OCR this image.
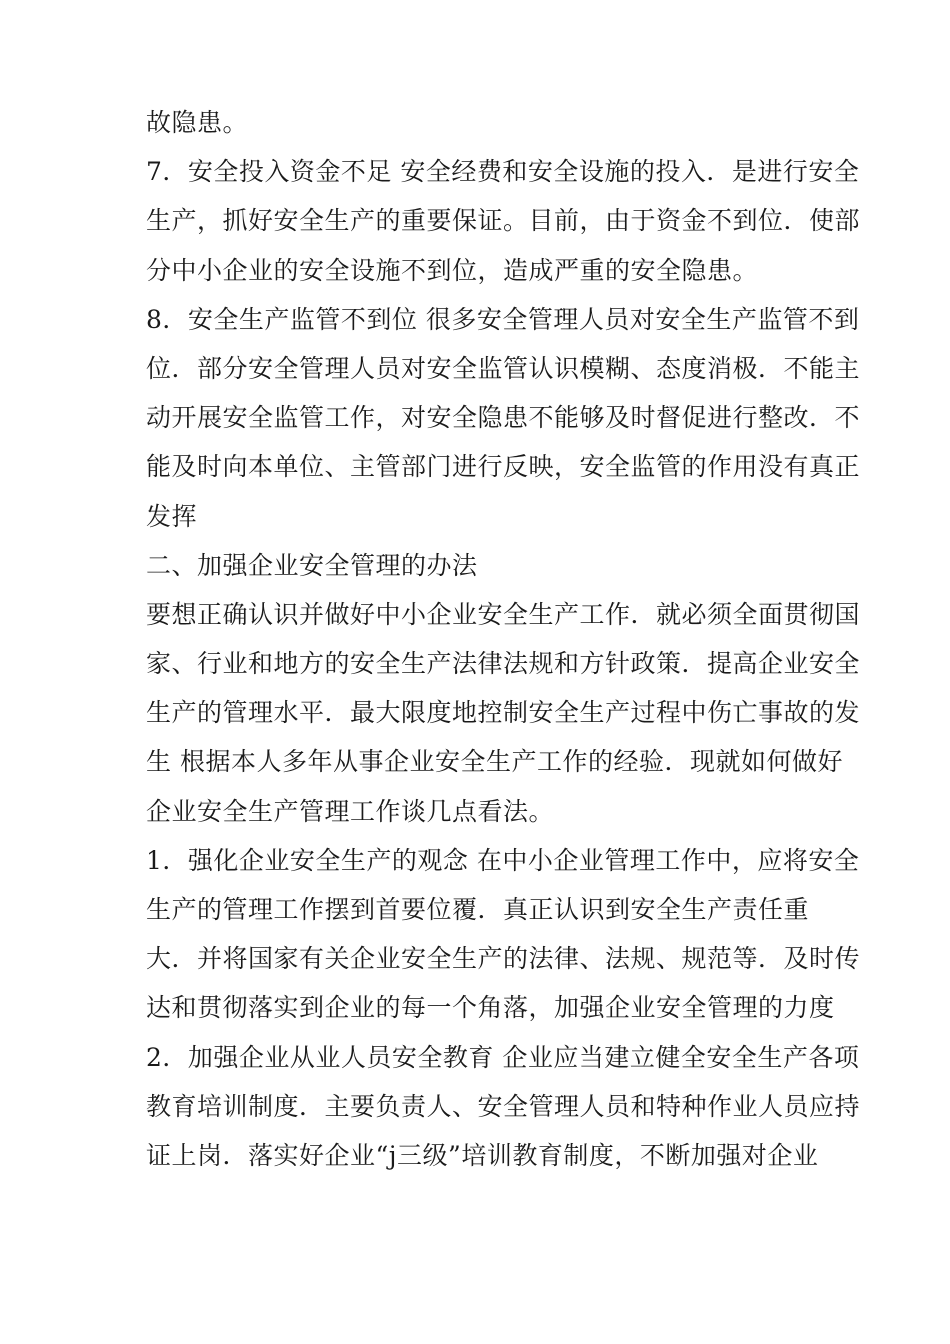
故隐患。
7．安全投入资金不足 安全经费和安全设施的投入．是进行安全
生产，抓好安全生产的重要保证。目前，由于资金不到位．使部
分中小企业的安全设施不到位，造成严重的安全隐患。
8．安全生产监管不到位 很多安全管理人员对安全生产监管不到
位．部分安全管理人员对安全监管认识模糊、态度消极．不能主
动开展安全监管工作，对安全隐患不能够及时督促进行整改．不
能及时向本单位、主管部门进行反映，安全监管的作用没有真正
发挥
二、加强企业安全管理的办法
要想正确认识并做好中小企业安全生产工作．就必须全面贯彻国
家、行业和地方的安全生产法律法规和方针政策．提高企业安全
生产的管理水平．最大限度地控制安全生产过程中伤亡事故的发
生 根据本人多年从事企业安全生产工作的经验．现就如何做好
企业安全生产管理工作谈几点看法。
1．强化企业安全生产的观念 在中小企业管理工作中，应将安全
生产的管理工作摆到首要位覆．真正认识到安全生产责任重
大．并将国家有关企业安全生产的法律、法规、规范等．及时传
达和贯彻落实到企业的每一个角落，加强企业安全管理的力度
2．加强企业从业人员安全教育 企业应当建立健全安全生产各项
教育培训制度．主要负责人、安全管理人员和特种作业人员应持
证上岗．落实好企业“j三级”培训教育制度，不断加强对企业
